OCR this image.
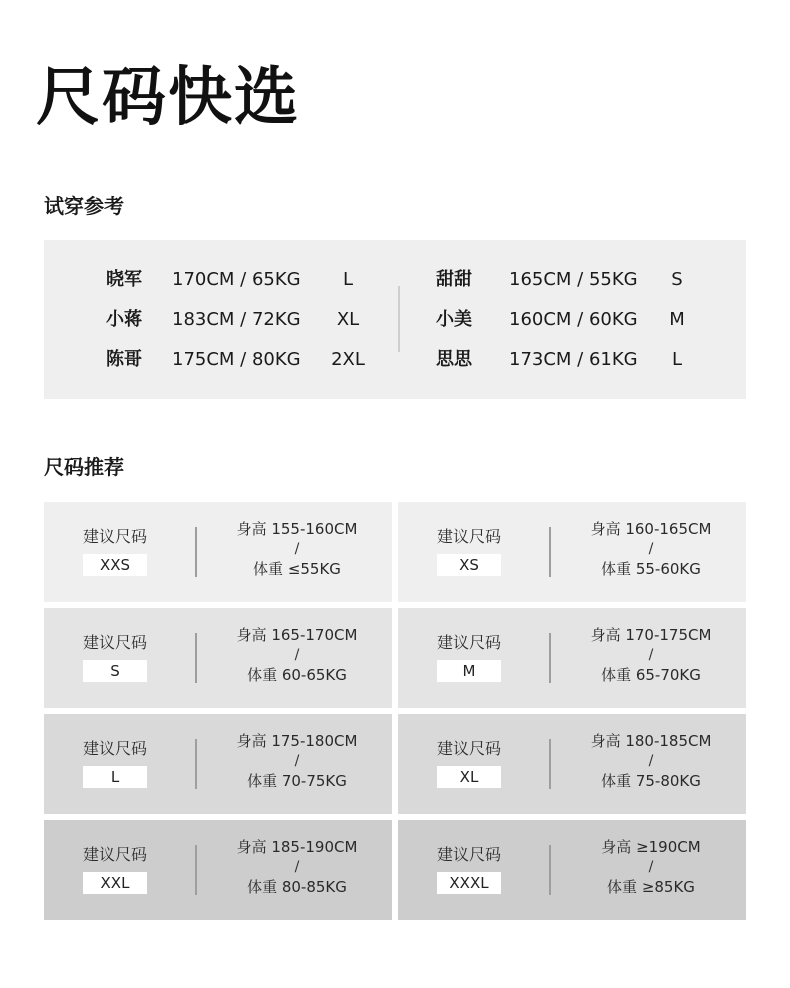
尺码快选
试穿参考
晓军 170CM / 65KG	L
小蒋 183CM / 72KG	XL
陈哥 175CM / 80KG	2XL
甜甜 165CM / 55KG	S
小美 160CM / 60KG	M
思思 173CM / 61KG	L
尺码推荐
建议尺码
XXS
身高 155-160CM
/
体重 ≤55KG
建议尺码
XS
身高 160-165CM
/
体重 55-60KG
建议尺码
S
身高 165-170CM
/
体重 60-65KG
建议尺码
M
身高 170-175CM
/
体重 65-70KG
建议尺码
L
身高 175-180CM
/
体重 70-75KG
建议尺码
XL
身高 180-185CM
/
体重 75-80KG
建议尺码
XXL
身高 185-190CM
/
体重 80-85KG
建议尺码
XXXL
身高 ≥190CM
/
体重 ≥85KG
